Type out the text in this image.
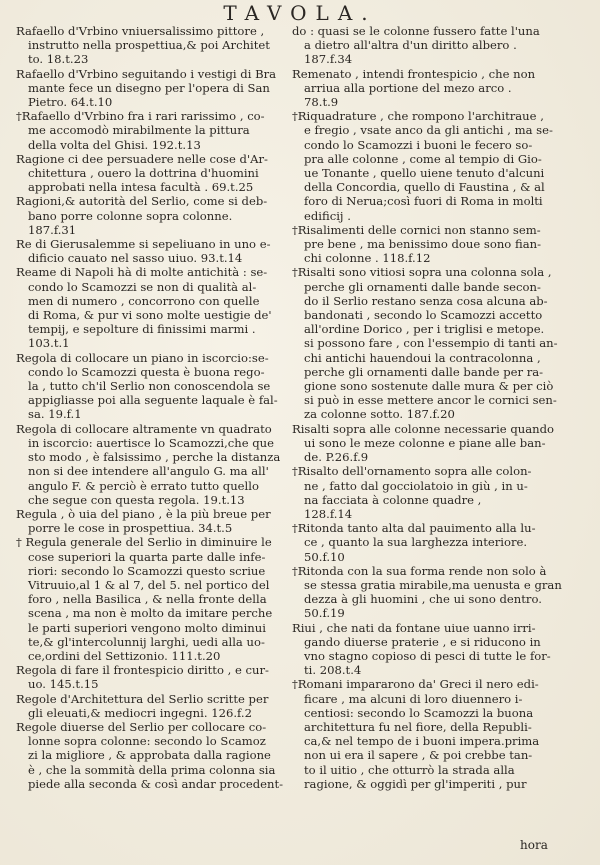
TAVOLA.
Rafaello d'Vrbino vniuersalissimo pittore ,
instrutto nella prospettiua,& poi Architet
to. 18.t.23
Rafaello d'Vrbino seguitando i vestigi di Bra
mante fece un disegno per l'opera di San
Pietro. 64.t.10
†Rafaello d'Vrbino fra i rari rarissimo , co-
me accomodò mirabilmente la pittura
della volta del Ghisi. 192.t.13
Ragione ci dee persuadere nelle cose d'Ar-
chitettura , ouero la dottrina d'huomini
approbati nella intesa facultà . 69.t.25
Ragioni,& autorità del Serlio, come si deb-
bano porre colonne sopra colonne.
187.f.31
Re di Gierusalemme si sepeliuano in uno e-
dificio cauato nel sasso uiuo. 93.t.14
Reame di Napoli hà di molte antichità : se-
condo lo Scamozzi se non di qualità al-
men di numero , concorrono con quelle
di Roma, & pur vi sono molte uestigie de'
tempij, e sepolture di finissimi marmi .
103.t.1
Regola di collocare un piano in iscorcio:se-
condo lo Scamozzi questa è buona rego-
la , tutto ch'il Serlio non conoscendola se
appigliasse poi alla seguente laquale è fal-
sa. 19.f.1
Regola di collocare altramente vn quadrato
in iscorcio: auertisce lo Scamozzi,che que
sto modo , è falsissimo , perche la distanza
non si dee intendere all'angulo G. ma all'
angulo F. & perciò è errato tutto quello
che segue con questa regola. 19.t.13
Regula , ò uia del piano , è la più breue per
porre le cose in prospettiua. 34.t.5
† Regula generale del Serlio in diminuire le
cose superiori la quarta parte dalle infe-
riori: secondo lo Scamozzi questo scriue
Vitruuio,al 1 & al 7, del 5. nel portico del
foro , nella Basilica , & nella fronte della
scena , ma non è molto da imitare perche
le parti superiori vengono molto diminui
te,& gl'intercolunnij larghi, uedi alla uo-
ce,ordini del Settizonio. 111.t.20
Regola di fare il frontespicio diritto , e cur-
uo. 145.t.15
Regole d'Architettura del Serlio scritte per
gli eleuati,& mediocri ingegni. 126.f.2
Regole diuerse del Serlio per collocare co-
lonne sopra colonne: secondo lo Scamoz
zi la migliore , & approbata dalla ragione
è , che la sommità della prima colonna sia
piede alla seconda & così andar procedent-
do : quasi se le colonne fussero fatte l'una
a dietro all'altra d'un diritto albero .
187.f.34
Remenato , intendi frontespicio , che non
arriua alla portione del mezo arco .
78.t.9
†Riquadrature , che rompono l'architraue ,
e fregio , vsate anco da gli antichi , ma se-
condo lo Scamozzi i buoni le fecero so-
pra alle colonne , come al tempio di Gio-
ue Tonante , quello uiene tenuto d'alcuni
della Concordia, quello di Faustina , & al
foro di Nerua;così fuori di Roma in molti
edificij .
†Risalimenti delle cornici non stanno sem-
pre bene , ma benissimo doue sono fian-
chi colonne . 118.f.12
†Risalti sono vitiosi sopra una colonna sola ,
perche gli ornamenti dalle bande secon-
do il Serlio restano senza cosa alcuna ab-
bandonati , secondo lo Scamozzi accetto
all'ordine Dorico , per i triglisi e metope.
si possono fare , con l'essempio di tanti an-
chi antichi hauendoui la contracolonna ,
perche gli ornamenti dalle bande per ra-
gione sono sostenute dalle mura & per ciò
si può in esse mettere ancor le cornici sen-
za colonne sotto. 187.f.20
Risalti sopra alle colonne necessarie quando
ui sono le meze colonne e piane alle ban-
de. P.26.f.9
†Risalto dell'ornamento sopra alle colon-
ne , fatto dal gocciolatoio in giù , in u-
na facciata à colonne quadre ,
128.f.14
†Ritonda tanto alta dal pauimento alla lu-
ce , quanto la sua larghezza interiore.
50.f.10
†Ritonda con la sua forma rende non solo à
se stessa gratia mirabile,ma uenusta e gran
dezza à gli huomini , che ui sono dentro.
50.f.19
Riui , che nati da fontane uiue uanno irri-
gando diuerse praterie , e si riducono in
vno stagno copioso di pesci di tutte le for-
ti. 208.t.4
†Romani impararono da' Greci il nero edi-
ficare , ma alcuni di loro diuennero i-
centiosi: secondo lo Scamozzi la buona
architettura fu nel fiore, della Republi-
ca,& nel tempo de i buoni impera.prima
non ui era il sapere , & poi crebbe tan-
to il uitio , che otturrò la strada alla
ragione, & oggidì per gl'imperiti , pur
hora
